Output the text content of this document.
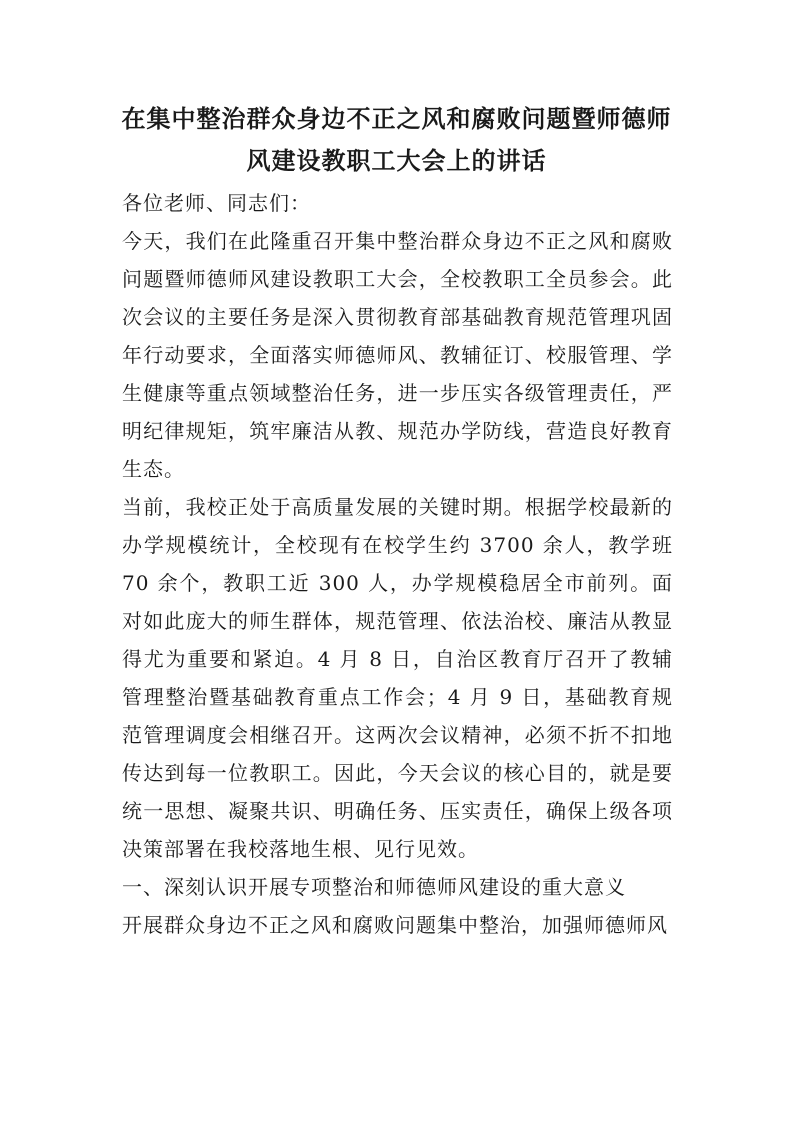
在集中整治群众身边不正之风和腐败问题暨师德师
风建设教职工大会上的讲话

各位老师、同志们：

今天，我们在此隆重召开集中整治群众身边不正之风和腐败问题暨师德师风建设教职工大会，全校教职工全员参会。此次会议的主要任务是深入贯彻教育部基础教育规范管理巩固年行动要求，全面落实师德师风、教辅征订、校服管理、学生健康等重点领域整治任务，进一步压实各级管理责任，严明纪律规矩，筑牢廉洁从教、规范办学防线，营造良好教育生态。

当前，我校正处于高质量发展的关键时期。根据学校最新的办学规模统计，全校现有在校学生约 3700 余人，教学班 70 余个，教职工近 300 人，办学规模稳居全市前列。面对如此庞大的师生群体，规范管理、依法治校、廉洁从教显得尤为重要和紧迫。4 月 8 日，自治区教育厅召开了教辅管理整治暨基础教育重点工作会；4 月 9 日，基础教育规范管理调度会相继召开。这两次会议精神，必须不折不扣地传达到每一位教职工。因此，今天会议的核心目的，就是要统一思想、凝聚共识、明确任务、压实责任，确保上级各项决策部署在我校落地生根、见行见效。

一、深刻认识开展专项整治和师德师风建设的重大意义

开展群众身边不正之风和腐败问题集中整治，加强师德师风
